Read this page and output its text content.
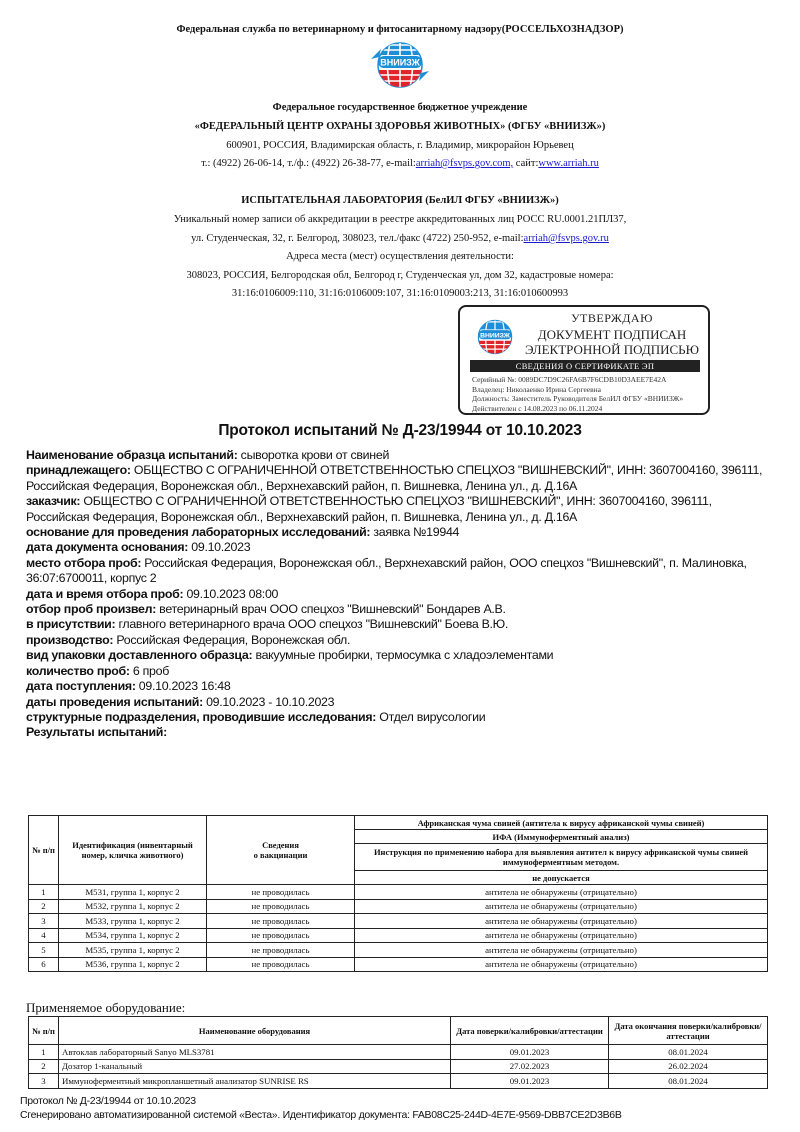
Федеральная служба по ветеринарному и фитосанитарному надзору(РОССЕЛЬХОЗНАДЗОР)
ВНИИЗЖ
Федеральное государственное бюджетное учреждение
«ФЕДЕРАЛЬНЫЙ ЦЕНТР ОХРАНЫ ЗДОРОВЬЯ ЖИВОТНЫХ» (ФГБУ «ВНИИЗЖ»)
600901, РОССИЯ, Владимирская область, г. Владимир, микрорайон Юрьевец
т.: (4922) 26-06-14, т./ф.: (4922) 26-38-77, e-mail:arriah@fsvps.gov.com, сайт:www.arriah.ru
ИСПЫТАТЕЛЬНАЯ ЛАБОРАТОРИЯ (БелИЛ ФГБУ «ВНИИЗЖ»)
Уникальный номер записи об аккредитации в реестре аккредитованных лиц РОСС RU.0001.21ПЛ37,
ул. Студенческая, 32, г. Белгород, 308023, тел./факс (4722) 250-952, e-mail:arriah@fsvps.gov.ru
Адреса места (мест) осуществления деятельности:
308023, РОССИЯ, Белгородская обл, Белгород г, Студенческая ул, дом 32, кадастровые номера:
31:16:0106009:110, 31:16:0106009:107, 31:16:0109003:213, 31:16:010600993
ВНИИЗЖ
УТВЕРЖДАЮ
ДОКУМЕНТ ПОДПИСАН
ЭЛЕКТРОННОЙ ПОДПИСЬЮ
СВЕДЕНИЯ О СЕРТИФИКАТЕ ЭП
Серийный №: 0089DC7D9C26FA6B7F6CDB10D3AEE7E42A
Владелец: Николаенко Ирина Сергеевна
Должность: Заместитель Руководителя БелИЛ ФГБУ «ВНИИЗЖ»
Действителен с 14.08.2023 по 06.11.2024
Протокол испытаний № Д-23/19944 от 10.10.2023
Наименование образца испытаний: сыворотка крови от свиней
принадлежащего: ОБЩЕСТВО С ОГРАНИЧЕННОЙ ОТВЕТСТВЕННОСТЬЮ СПЕЦХОЗ "ВИШНЕВСКИЙ", ИНН: 3607004160, 396111, Российская Федерация, Воронежская обл., Верхнехавский район, п. Вишневка, Ленина ул., д. Д.16А
заказчик: ОБЩЕСТВО С ОГРАНИЧЕННОЙ ОТВЕТСТВЕННОСТЬЮ СПЕЦХОЗ "ВИШНЕВСКИЙ", ИНН: 3607004160, 396111, Российская Федерация, Воронежская обл., Верхнехавский район, п. Вишневка, Ленина ул., д. Д.16А
основание для проведения лабораторных исследований: заявка №19944
дата документа основания: 09.10.2023
место отбора проб: Российская Федерация, Воронежская обл., Верхнехавский район, ООО спецхоз "Вишневский", п. Малиновка, 36:07:6700011, корпус 2
дата и время отбора проб: 09.10.2023 08:00
отбор проб произвел: ветеринарный врач ООО спецхоз "Вишневский" Бондарев А.В.
в присутствии: главного ветеринарного врача ООО спецхоз "Вишневский" Боева В.Ю.
производство: Российская Федерация, Воронежская обл.
вид упаковки доставленного образца: вакуумные пробирки, термосумка с хладоэлементами
количество проб: 6 проб
дата поступления: 09.10.2023 16:48
даты проведения испытаний: 09.10.2023 - 10.10.2023
структурные подразделения, проводившие исследования: Отдел вирусологии
Результаты испытаний:
№ п/п	Идентификация (инвентарный номер, кличка животного)	Сведения
о вакцинации	Африканская чума свиней (антитела к вирусу африканской чумы свиней)
			ИФА (Иммуноферментный анализ)
			Инструкция по применению набора для выявления антител к вирусу африканской чумы свиней иммуноферментным методом.
			не допускается
1	M531, группа 1, корпус 2	не проводилась	антитела не обнаружены (отрицательно)
2	M532, группа 1, корпус 2	не проводилась	антитела не обнаружены (отрицательно)
3	M533, группа 1, корпус 2	не проводилась	антитела не обнаружены (отрицательно)
4	M534, группа 1, корпус 2	не проводилась	антитела не обнаружены (отрицательно)
5	M535, группа 1, корпус 2	не проводилась	антитела не обнаружены (отрицательно)
6	M536, группа 1, корпус 2	не проводилась	антитела не обнаружены (отрицательно)
Применяемое оборудование:
№ п/п	Наименование оборудования	Дата поверки/калибровки/аттестации	Дата окончания поверки/калибровки/аттестации
1	Автоклав лабораторный Sanyo MLS3781	09.01.2023	08.01.2024
2	Дозатор 1-канальный	27.02.2023	26.02.2024
3	Иммуноферментный микропланшетный анализатор SUNRISE RS	09.01.2023	08.01.2024
Протокол № Д-23/19944 от 10.10.2023
Сгенерировано автоматизированной системой «Веста». Идентификатор документа: FAB08C25-244D-4E7E-9569-DBB7CE2D3B6B
